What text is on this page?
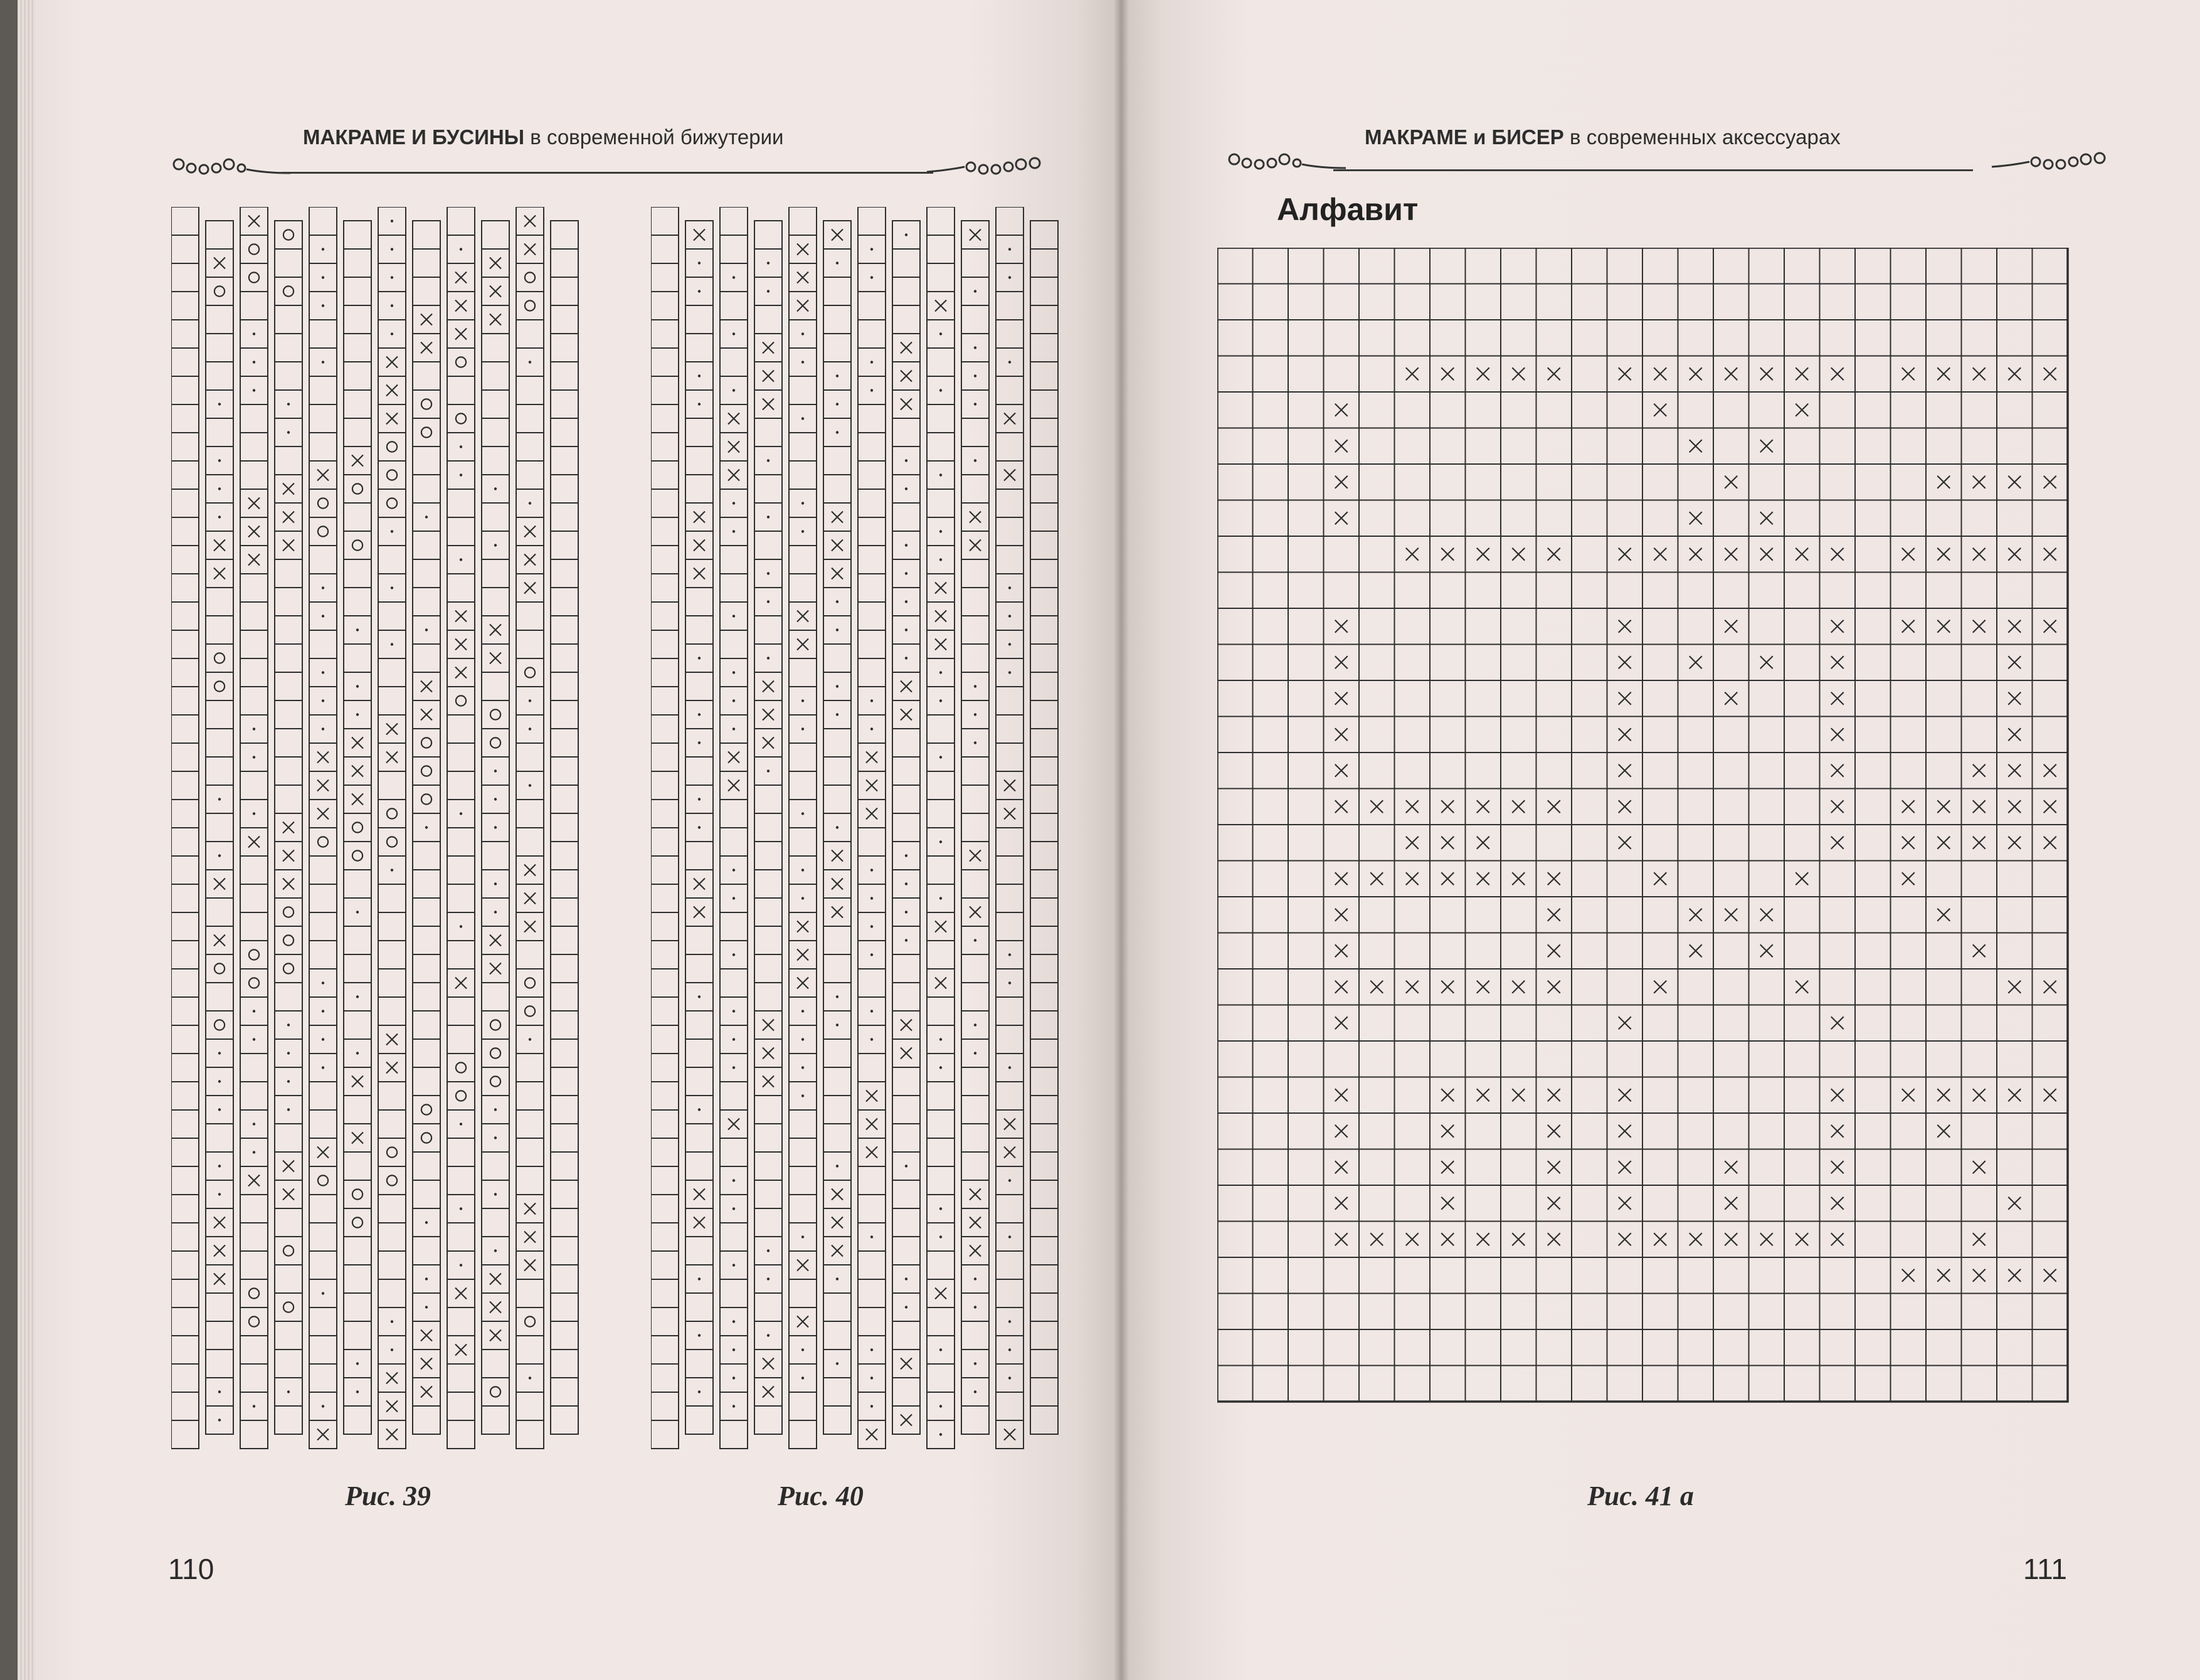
МАКРАМЕ И БУСИНЫ в современной бижутерии
Рис. 39	Рис. 40
110
МАКРАМЕ и БИСЕР в современных аксессуарах
Алфавит
Рис. 41 а
111
